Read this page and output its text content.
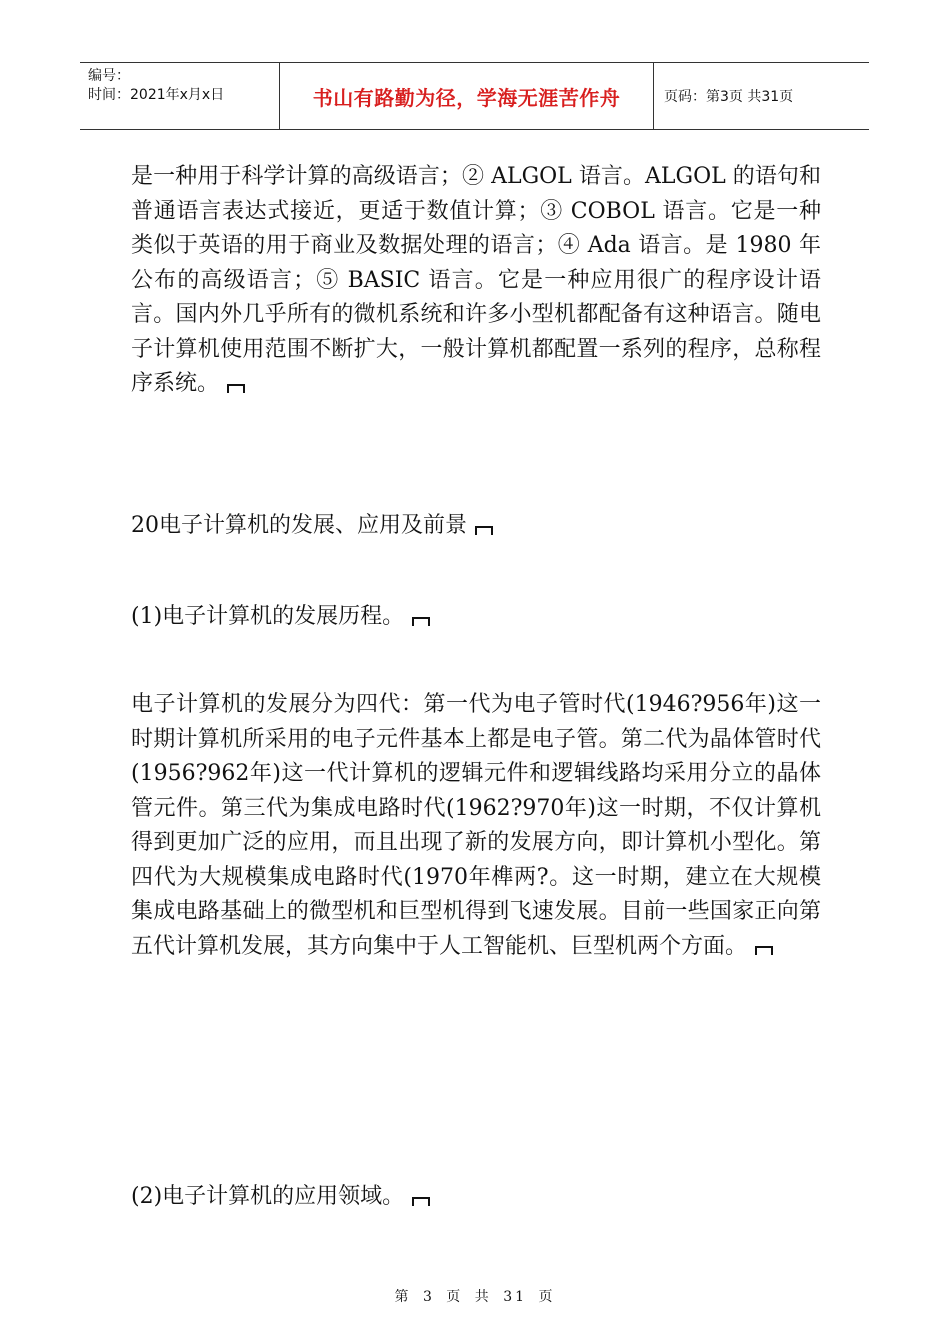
编号：
时间：2021年x月x日	书山有路勤为径，学海无涯苦作舟	页码：第3页 共31页

是一种用于科学计算的高级语言；② ALGOL 语言。ALGOL 的语句和普通语言表达式接近，更适于数值计算；③ COBOL 语言。它是一种类似于英语的用于商业及数据处理的语言；④ Ada 语言。是 1980 年公布的高级语言；⑤ BASIC 语言。它是一种应用很广的程序设计语言。国内外几乎所有的微机系统和许多小型机都配备有这种语言。随电子计算机使用范围不断扩大，一般计算机都配置一系列的程序，总称程序系统。

20电子计算机的发展、应用及前景

(1)电子计算机的发展历程。

电子计算机的发展分为四代：第一代为电子管时代(1946?956年)这一时期计算机所采用的电子元件基本上都是电子管。第二代为晶体管时代(1956?962年)这一代计算机的逻辑元件和逻辑线路均采用分立的晶体管元件。第三代为集成电路时代(1962?970年)这一时期，不仅计算机得到更加广泛的应用，而且出现了新的发展方向，即计算机小型化。第四代为大规模集成电路时代(1970年榫两?。这一时期，建立在大规模集成电路基础上的微型机和巨型机得到飞速发展。目前一些国家正向第五代计算机发展，其方向集中于人工智能机、巨型机两个方面。

(2)电子计算机的应用领域。

第 3 页 共 31 页
